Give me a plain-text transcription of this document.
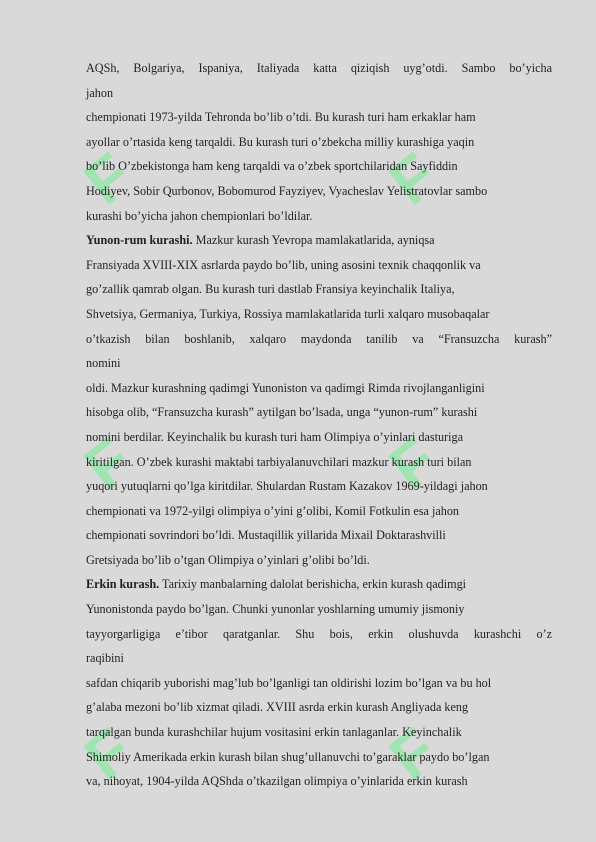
F	F
F	F
F	F
AQSh, Bolgariya, Ispaniya, Italiyada katta qiziqish uyg’otdi. Sambo bo’yicha
jahon
chempionati 1973-yilda Tehronda bo’lib o’tdi. Bu kurash turi ham erkaklar ham
ayollar o’rtasida keng tarqaldi. Bu kurash turi o’zbekcha milliy kurashiga yaqin
bo’lib O’zbekistonga ham keng tarqaldi va o’zbek sportchilaridan Sayfiddin
Hodiyev, Sobir Qurbonov, Bobomurod Fayziyev, Vyacheslav Yelistratovlar sambo
kurashi bo’yicha jahon chempionlari bo’ldilar.
Yunon-rum kurashi. Mazkur kurash Yevropa mamlakatlarida, ayniqsa
Fransiyada XVIII-XIX asrlarda paydo bo’lib, uning asosini texnik chaqqonlik va
go’zallik qamrab olgan. Bu kurash turi dastlab Fransiya keyinchalik Italiya,
Shvetsiya, Germaniya, Turkiya, Rossiya mamlakatlarida turli xalqaro musobaqalar
o’tkazish bilan boshlanib, xalqaro maydonda tanilib va “Fransuzcha kurash”
nomini
oldi. Mazkur kurashning qadimgi Yunoniston va qadimgi Rimda rivojlanganligini
hisobga olib, “Fransuzcha kurash” aytilgan bo’lsada, unga “yunon-rum” kurashi
nomini berdilar. Keyinchalik bu kurash turi ham Olimpiya o’yinlari dasturiga
kiritilgan. O’zbek kurashi maktabi tarbiyalanuvchilari mazkur kurash turi bilan
yuqori yutuqlarni qo’lga kiritdilar. Shulardan Rustam Kazakov 1969-yildagi jahon
chempionati va 1972-yilgi olimpiya o’yini g’olibi, Komil Fotkulin esa jahon
chempionati sovrindori bo’ldi. Mustaqillik yillarida Mixail Doktarashvilli
Gretsiyada bo’lib o’tgan Olimpiya o’yinlari g’olibi bo’ldi.
Erkin kurash. Tarixiy manbalarning dalolat berishicha, erkin kurash qadimgi
Yunonistonda paydo bo’lgan. Chunki yunonlar yoshlarning umumiy jismoniy
tayyorgarligiga e’tibor qaratganlar. Shu bois, erkin olushuvda kurashchi o’z
raqibini
safdan chiqarib yuborishi mag’lub bo’lganligi tan oldirishi lozim bo’lgan va bu hol
g’alaba mezoni bo’lib xizmat qiladi. XVIII asrda erkin kurash Angliyada keng
tarqalgan bunda kurashchilar hujum vositasini erkin tanlaganlar. Keyinchalik
Shimoliy Amerikada erkin kurash bilan shug’ullanuvchi to’garaklar paydo bo’lgan
va, nihoyat, 1904-yilda AQShda o’tkazilgan olimpiya o’yinlarida erkin kurash
